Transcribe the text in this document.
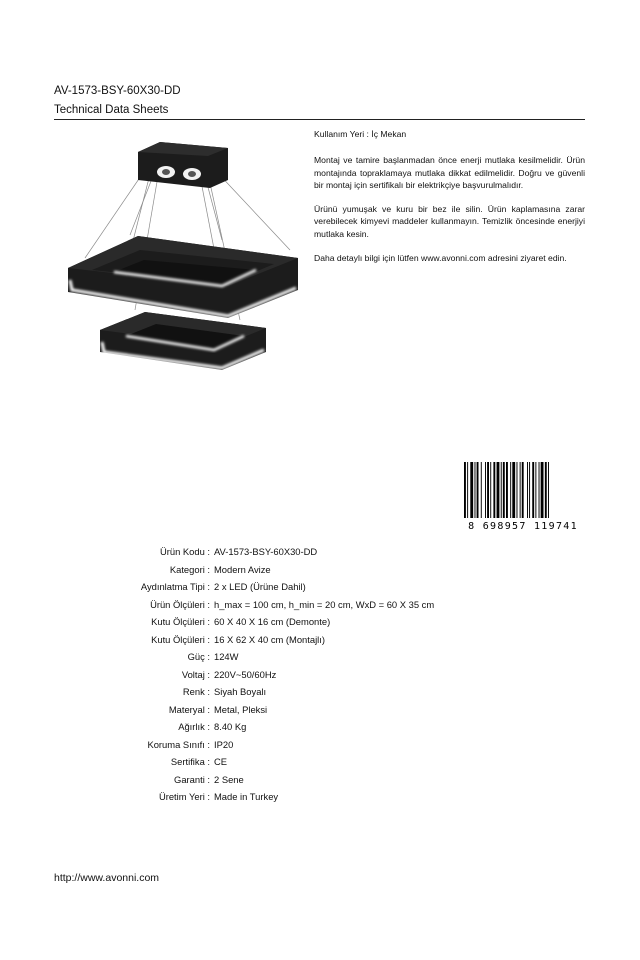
AV-1573-BSY-60X30-DD
Technical Data Sheets

Kullanım Yeri : İç Mekan

Montaj ve tamire başlanmadan önce enerji mutlaka kesilmelidir. Ürün montajında topraklamaya mutlaka dikkat edilmelidir. Doğru ve güvenli bir montaj için sertifikalı bir elektrikçiye başvurulmalıdır.

Ürünü yumuşak ve kuru bir bez ile silin. Ürün kaplamasına zarar verebilecek kimyevi maddeler kullanmayın. Temizlik öncesinde enerjiyi mutlaka kesin.

Daha detaylı bilgi için lütfen www.avonni.com adresini ziyaret edin.

8 698957 119741
Ürün Kodu : AV-1573-BSY-60X30-DD
Kategori : Modern Avize
Aydınlatma Tipi : 2 x LED (Ürüne Dahil)
Ürün Ölçüleri : h_max = 100 cm, h_min = 20 cm, WxD = 60 X 35 cm
Kutu Ölçüleri : 60 X 40 X 16 cm (Demonte)
Kutu Ölçüleri : 16 X 62 X 40 cm (Montajlı)
Güç : 124W
Voltaj : 220V~50/60Hz
Renk : Siyah Boyalı
Materyal : Metal, Pleksi
Ağırlık : 8.40 Kg
Koruma Sınıfı : IP20
Sertifika : CE
Garanti : 2 Sene
Üretim Yeri : Made in Turkey
http://www.avonni.com
